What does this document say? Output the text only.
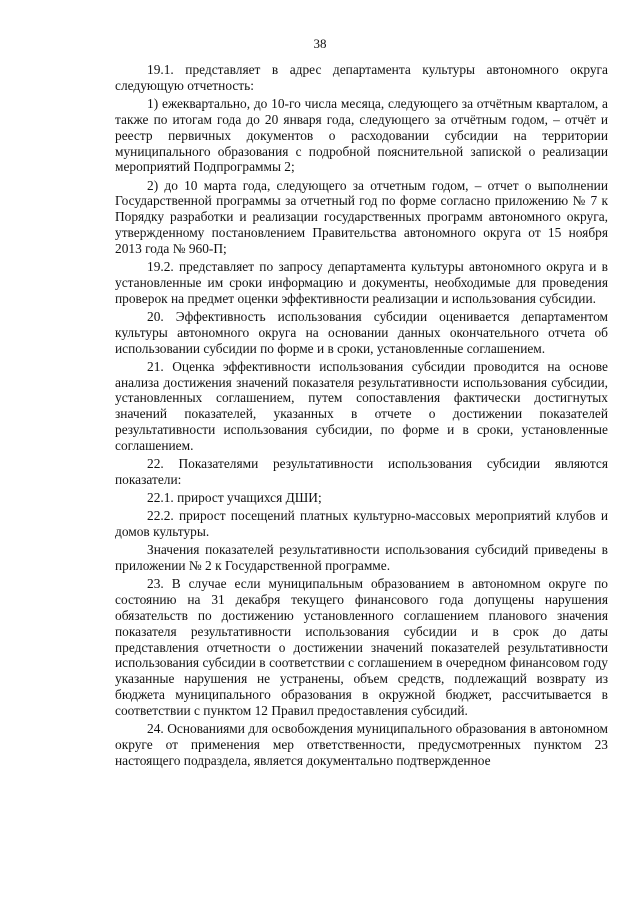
38

19.1. представляет в адрес департамента культуры автономного округа следующую отчетность:

1) ежеквартально, до 10-го числа месяца, следующего за отчётным кварталом, а также по итогам года до 20 января года, следующего за отчётным годом, – отчёт и реестр первичных документов о расходовании субсидии на территории муниципального образования с подробной пояснительной запиской о реализации мероприятий Подпрограммы 2;

2) до 10 марта года, следующего за отчетным годом, – отчет о выполнении Государственной программы за отчетный год по форме согласно приложению № 7 к Порядку разработки и реализации государственных программ автономного округа, утвержденному постановлением Правительства автономного округа от 15 ноября 2013 года № 960-П;

19.2. представляет по запросу департамента культуры автономного округа и в установленные им сроки информацию и документы, необходимые для проведения проверок на предмет оценки эффективности реализации и использования субсидии.

20. Эффективность использования субсидии оценивается департаментом культуры автономного округа на основании данных окончательного отчета об использовании субсидии по форме и в сроки, установленные соглашением.

21. Оценка эффективности использования субсидии проводится на основе анализа достижения значений показателя результативности использования субсидии, установленных соглашением, путем сопоставления фактически достигнутых значений показателей, указанных в отчете о достижении показателей результативности использования субсидии, по форме и в сроки, установленные соглашением.

22. Показателями результативности использования субсидии являются показатели:

22.1. прирост учащихся ДШИ;

22.2. прирост посещений платных культурно-массовых мероприятий клубов и домов культуры.

Значения показателей результативности использования субсидий приведены в приложении № 2 к Государственной программе.

23. В случае если муниципальным образованием в автономном округе по состоянию на 31 декабря текущего финансового года допущены нарушения обязательств по достижению установленного соглашением планового значения показателя результативности использования субсидии и в срок до даты представления отчетности о достижении значений показателей результативности использования субсидии в соответствии с соглашением в очередном финансовом году указанные нарушения не устранены, объем средств, подлежащий возврату из бюджета муниципального образования в окружной бюджет, рассчитывается в соответствии с пунктом 12 Правил предоставления субсидий.

24. Основаниями для освобождения муниципального образования в автономном округе от применения мер ответственности, предусмотренных пунктом 23 настоящего подраздела, является документально подтвержденное
